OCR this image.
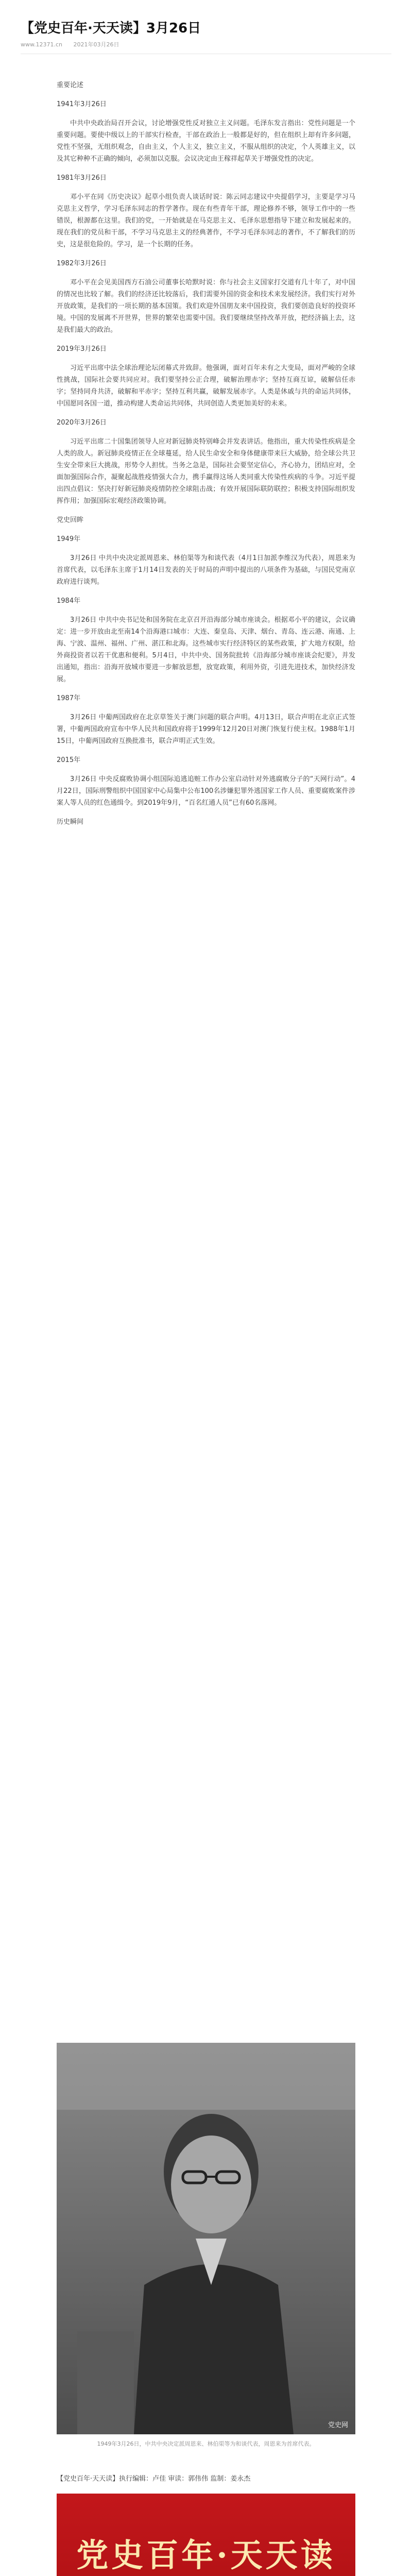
【党史百年·天天读】3月26日
www.12371.cn 2021年03月26日

重要论述

1941年3月26日

中共中央政治局召开会议，讨论增强党性反对独立主义问题。毛泽东发言指出：党性问题是一个重要问题。要使中级以上的干部实行检查，干部在政治上一般都是好的，但在组织上却有许多问题，党性不坚强，无组织观念，自由主义，个人主义，独立主义，不服从组织的决定，个人英雄主义，以及其它种种不正确的倾向，必须加以克服。会议决定由王稼祥起草关于增强党性的决定。

1981年3月26日

邓小平在同《历史决议》起草小组负责人谈话时说：陈云同志建议中央提倡学习，主要是学习马克思主义哲学，学习毛泽东同志的哲学著作。现在有些青年干部，理论修养不够，领导工作中的一些错误，根源都在这里。我们的党，一开始就是在马克思主义、毛泽东思想指导下建立和发展起来的。现在我们的党员和干部，不学习马克思主义的经典著作，不学习毛泽东同志的著作，不了解我们的历史，这是很危险的。学习，是一个长期的任务。

1982年3月26日

邓小平在会见美国西方石油公司董事长哈默时说：你与社会主义国家打交道有几十年了，对中国的情况也比较了解。我们的经济还比较落后，我们需要外国的资金和技术来发展经济。我们实行对外开放政策，是我们的一项长期的基本国策。我们欢迎外国朋友来中国投资，我们要创造良好的投资环境。中国的发展离不开世界，世界的繁荣也需要中国。我们要继续坚持改革开放，把经济搞上去，这是我们最大的政治。

2019年3月26日

习近平出席中法全球治理论坛闭幕式并致辞。他强调，面对百年未有之大变局，面对严峻的全球性挑战，国际社会要共同应对。我们要坚持公正合理，破解治理赤字；坚持互商互谅，破解信任赤字；坚持同舟共济，破解和平赤字；坚持互利共赢，破解发展赤字。人类是休戚与共的命运共同体，中国愿同各国一道，推动构建人类命运共同体，共同创造人类更加美好的未来。

2020年3月26日

习近平出席二十国集团领导人应对新冠肺炎特别峰会并发表讲话。他指出，重大传染性疾病是全人类的敌人。新冠肺炎疫情正在全球蔓延，给人民生命安全和身体健康带来巨大威胁，给全球公共卫生安全带来巨大挑战，形势令人担忧。当务之急是，国际社会要坚定信心，齐心协力，团结应对，全面加强国际合作，凝聚起战胜疫情强大合力，携手赢得这场人类同重大传染性疾病的斗争。习近平提出四点倡议：坚决打好新冠肺炎疫情防控全球阻击战；有效开展国际联防联控；积极支持国际组织发挥作用；加强国际宏观经济政策协调。

党史回眸

1949年

3月26日 中共中央决定派周恩来、林伯渠等为和谈代表（4月1日加派李维汉为代表），周恩来为首席代表，以毛泽东主席于1月14日发表的关于时局的声明中提出的八项条件为基础，与国民党南京政府进行谈判。

1984年

3月26日 中共中央书记处和国务院在北京召开沿海部分城市座谈会。根据邓小平的建议，会议确定：进一步开放由北至南14个沿海港口城市：大连、秦皇岛、天津、烟台、青岛、连云港、南通、上海、宁波、温州、福州、广州、湛江和北海。这些城市实行经济特区的某些政策，扩大地方权限，给外商投资者以若干优惠和便利。5月4日，中共中央、国务院批转《沿海部分城市座谈会纪要》，并发出通知，指出：沿海开放城市要进一步解放思想，放宽政策，利用外资，引进先进技术，加快经济发展。

1987年

3月26日 中葡两国政府在北京草签关于澳门问题的联合声明。4月13日，联合声明在北京正式签署，中葡两国政府宣布中华人民共和国政府将于1999年12月20日对澳门恢复行使主权。1988年1月15日，中葡两国政府互换批准书，联合声明正式生效。

2015年

3月26日 中央反腐败协调小组国际追逃追赃工作办公室启动针对外逃腐败分子的“天网行动”。4月22日，国际刑警组织中国国家中心局集中公布100名涉嫌犯罪外逃国家工作人员、重要腐败案件涉案人等人员的红色通缉令。到2019年9月，“百名红通人员”已有60名落网。

历史瞬间

党史网
1949年3月26日，中共中央决定派周恩来、林伯渠等为和谈代表，周恩来为首席代表。
【党史百年·天天读】执行编辑：卢佳 审读：郭伟伟 监制：姜永杰
党史百年·天天读
